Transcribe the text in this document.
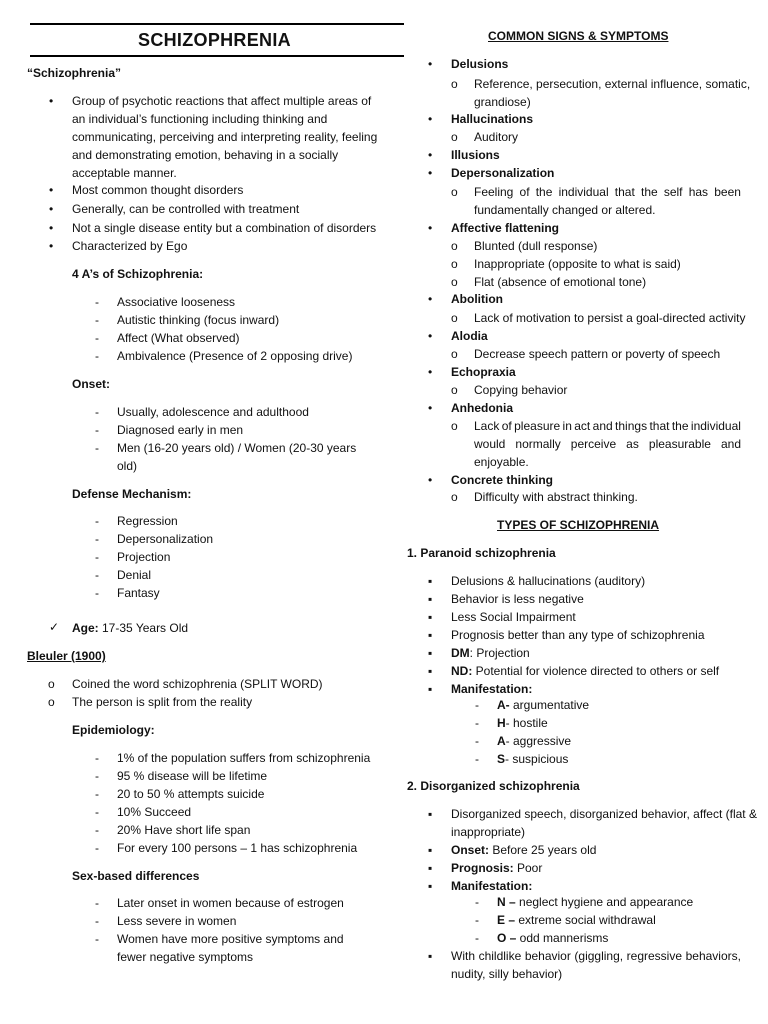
SCHIZOPHRENIA
“Schizophrenia”
• Group of psychotic reactions that affect multiple areas of
an individual’s functioning including thinking and
communicating, perceiving and interpreting reality, feeling
and demonstrating emotion, behaving in a socially
acceptable manner.
• Most common thought disorders
• Generally, can be controlled with treatment
• Not a single disease entity but a combination of disorders
• Characterized by Ego
4 A’s of Schizophrenia:
- Associative looseness
- Autistic thinking (focus inward)
- Affect (What observed)
- Ambivalence (Presence of 2 opposing drive)
Onset:
- Usually, adolescence and adulthood
- Diagnosed early in men
- Men (16-20 years old) / Women (20-30 years
old)
Defense Mechanism:
- Regression
- Depersonalization
- Projection
- Denial
- Fantasy
✓ Age: 17-35 Years Old
Bleuler (1900)
o Coined the word schizophrenia (SPLIT WORD)
o The person is split from the reality
Epidemiology:
- 1% of the population suffers from schizophrenia
- 95 % disease will be lifetime
- 20 to 50 % attempts suicide
- 10% Succeed
- 20% Have short life span
- For every 100 persons – 1 has schizophrenia
Sex-based differences
- Later onset in women because of estrogen
- Less severe in women
- Women have more positive symptoms and
fewer negative symptoms
COMMON SIGNS & SYMPTOMS
• Delusions
o Reference, persecution, external influence, somatic,
grandiose)
• Hallucinations
o Auditory
• Illusions
• Depersonalization
o Feeling of the individual that the self has been
fundamentally changed or altered.
• Affective flattening
o Blunted (dull response)
o Inappropriate (opposite to what is said)
o Flat (absence of emotional tone)
• Abolition
o Lack of motivation to persist a goal-directed activity
• Alodia
o Decrease speech pattern or poverty of speech
• Echopraxia
o Copying behavior
• Anhedonia
o Lack of pleasure in act and things that the individual
would normally perceive as pleasurable and
enjoyable.
• Concrete thinking
o Difficulty with abstract thinking.
TYPES OF SCHIZOPHRENIA
1. Paranoid schizophrenia
▪ Delusions & hallucinations (auditory)
▪ Behavior is less negative
▪ Less Social Impairment
▪ Prognosis better than any type of schizophrenia
▪ DM: Projection
▪ ND: Potential for violence directed to others or self
▪ Manifestation:
- A- argumentative
- H- hostile
- A- aggressive
- S- suspicious
2. Disorganized schizophrenia
▪ Disorganized speech, disorganized behavior, affect (flat &
inappropriate)
▪ Onset: Before 25 years old
▪ Prognosis: Poor
▪ Manifestation:
- N – neglect hygiene and appearance
- E – extreme social withdrawal
- O – odd mannerisms
▪ With childlike behavior (giggling, regressive behaviors,
nudity, silly behavior)
